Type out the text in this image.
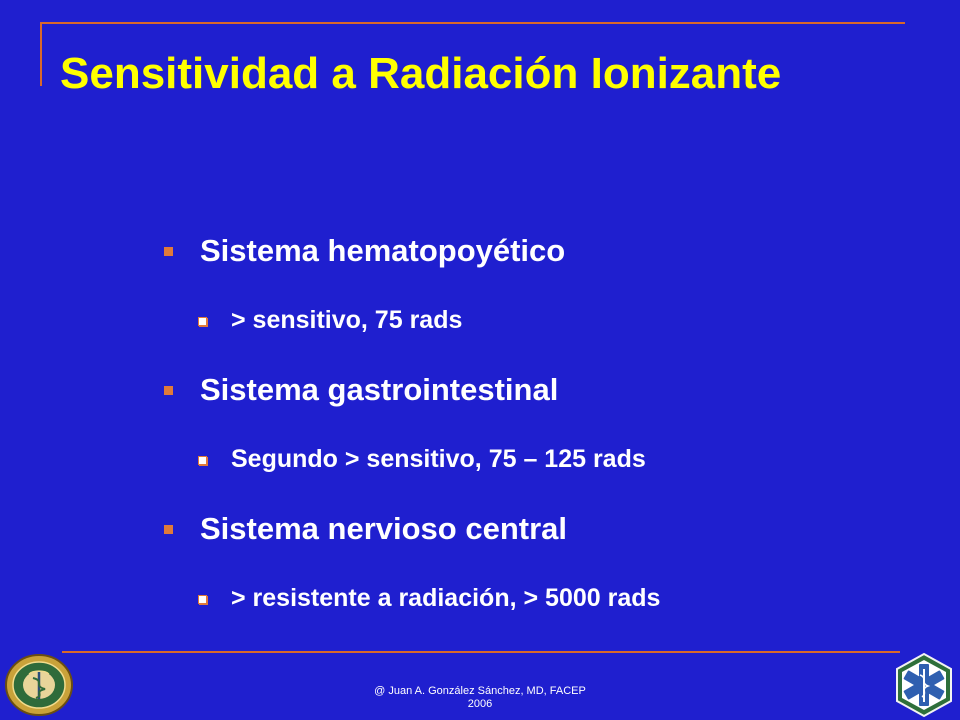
Sensitividad a Radiación Ionizante
Sistema hematopoyético
> sensitivo, 75 rads
Sistema gastrointestinal
Segundo > sensitivo, 75 – 125 rads
Sistema nervioso central
> resistente a radiación, > 5000 rads
@ Juan A. González Sánchez, MD, FACEP
2006
